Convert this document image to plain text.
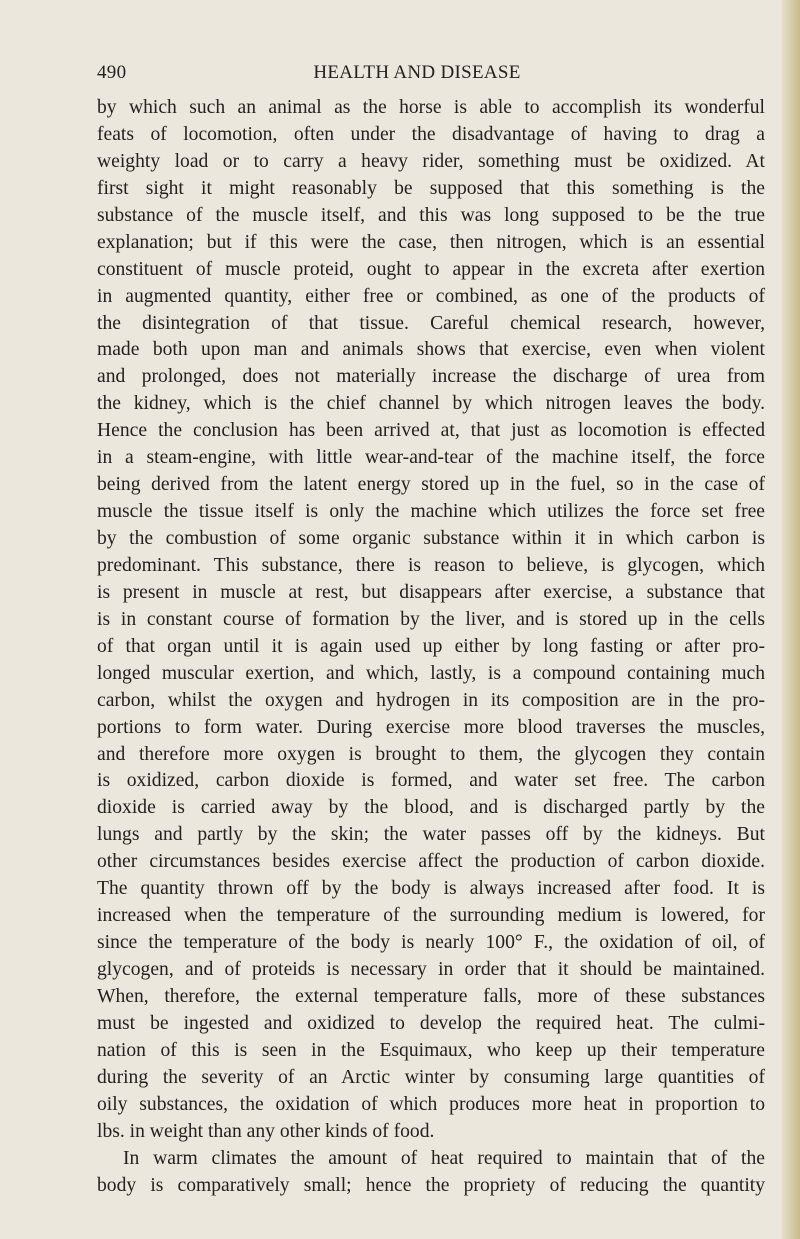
490	HEALTH AND DISEASE
by which such an animal as the horse is able to accomplish its wonderful
feats of locomotion, often under the disadvantage of having to drag a
weighty load or to carry a heavy rider, something must be oxidized. At
first sight it might reasonably be supposed that this something is the
substance of the muscle itself, and this was long supposed to be the true
explanation; but if this were the case, then nitrogen, which is an essential
constituent of muscle proteid, ought to appear in the excreta after exertion
in augmented quantity, either free or combined, as one of the products of
the disintegration of that tissue. Careful chemical research, however,
made both upon man and animals shows that exercise, even when violent
and prolonged, does not materially increase the discharge of urea from
the kidney, which is the chief channel by which nitrogen leaves the body.
Hence the conclusion has been arrived at, that just as locomotion is effected
in a steam-engine, with little wear-and-tear of the machine itself, the force
being derived from the latent energy stored up in the fuel, so in the case of
muscle the tissue itself is only the machine which utilizes the force set free
by the combustion of some organic substance within it in which carbon is
predominant. This substance, there is reason to believe, is glycogen, which
is present in muscle at rest, but disappears after exercise, a substance that
is in constant course of formation by the liver, and is stored up in the cells
of that organ until it is again used up either by long fasting or after pro-
longed muscular exertion, and which, lastly, is a compound containing much
carbon, whilst the oxygen and hydrogen in its composition are in the pro-
portions to form water. During exercise more blood traverses the muscles,
and therefore more oxygen is brought to them, the glycogen they contain
is oxidized, carbon dioxide is formed, and water set free. The carbon
dioxide is carried away by the blood, and is discharged partly by the
lungs and partly by the skin; the water passes off by the kidneys. But
other circumstances besides exercise affect the production of carbon dioxide.
The quantity thrown off by the body is always increased after food. It is
increased when the temperature of the surrounding medium is lowered, for
since the temperature of the body is nearly 100° F., the oxidation of oil, of
glycogen, and of proteids is necessary in order that it should be maintained.
When, therefore, the external temperature falls, more of these substances
must be ingested and oxidized to develop the required heat. The culmi-
nation of this is seen in the Esquimaux, who keep up their temperature
during the severity of an Arctic winter by consuming large quantities of
oily substances, the oxidation of which produces more heat in proportion to
lbs. in weight than any other kinds of food.
In warm climates the amount of heat required to maintain that of the
body is comparatively small; hence the propriety of reducing the quantity
